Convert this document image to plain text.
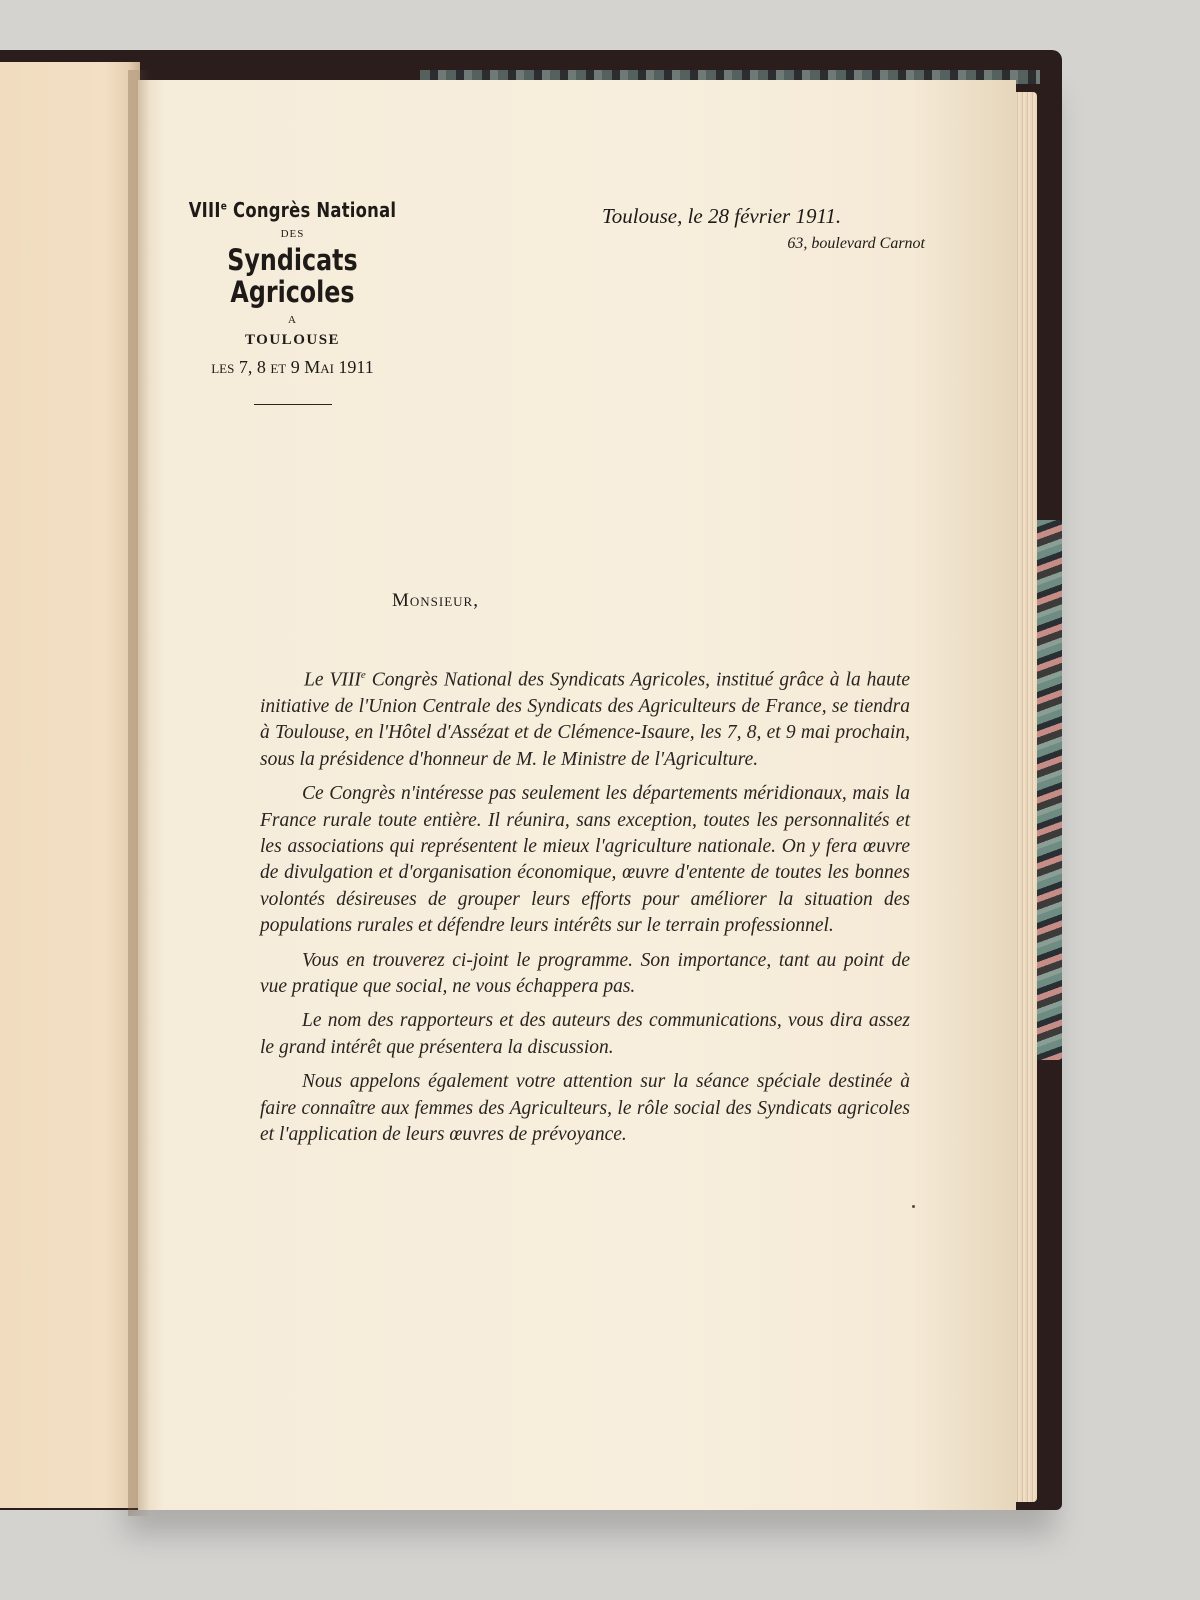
VIIIe Congrès National
DES
Syndicats Agricoles
A
TOULOUSE
les 7, 8 et 9 Mai 1911
Toulouse, le 28 février 1911.
63, boulevard Carnot
Monsieur,

Le VIIIe Congrès National des Syndicats Agricoles, institué grâce à la haute initiative de l'Union Centrale des Syndicats des Agriculteurs de France, se tiendra à Toulouse, en l'Hôtel d'Assézat et de Clémence-Isaure, les 7, 8, et 9 mai prochain, sous la présidence d'honneur de M. le Ministre de l'Agriculture.

Ce Congrès n'intéresse pas seulement les départements méridionaux, mais la France rurale toute entière. Il réunira, sans exception, toutes les personnalités et les associations qui représentent le mieux l'agriculture nationale. On y fera œuvre de divulgation et d'organisation économique, œuvre d'entente de toutes les bonnes volontés désireuses de grouper leurs efforts pour améliorer la situation des populations rurales et défendre leurs intérêts sur le terrain professionnel.

Vous en trouverez ci-joint le programme. Son importance, tant au point de vue pratique que social, ne vous échappera pas.

Le nom des rapporteurs et des auteurs des communications, vous dira assez le grand intérêt que présentera la discussion.

Nous appelons également votre attention sur la séance spéciale destinée à faire connaître aux femmes des Agriculteurs, le rôle social des Syndicats agricoles et l'application de leurs œuvres de prévoyance.
